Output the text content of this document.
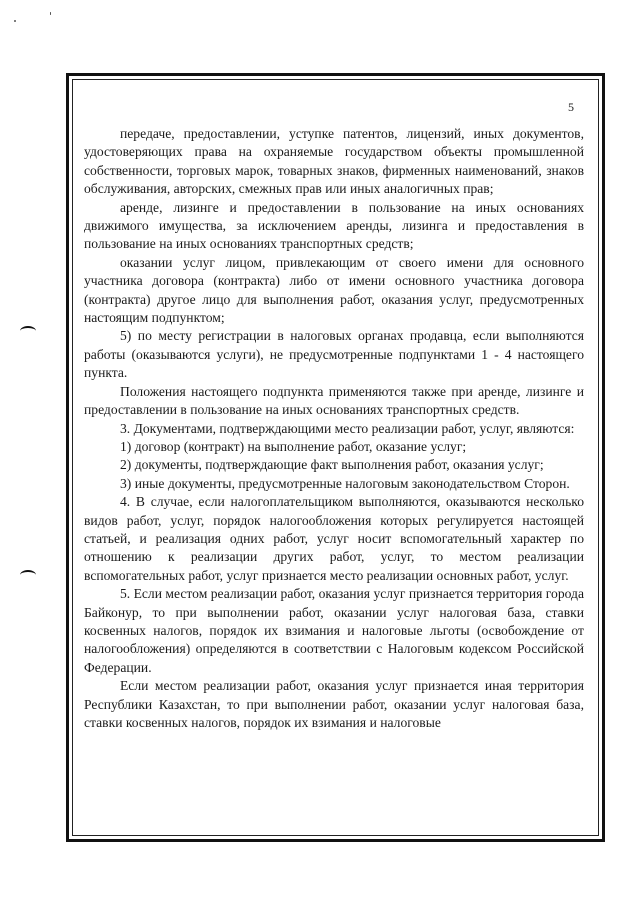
5

передаче, предоставлении, уступке патентов, лицензий, иных документов, удостоверяющих права на охраняемые государством объекты промышленной собственности, торговых марок, товарных знаков, фирменных наименований, знаков обслуживания, авторских, смежных прав или иных аналогичных прав;

аренде, лизинге и предоставлении в пользование на иных основаниях движимого имущества, за исключением аренды, лизинга и предоставления в пользование на иных основаниях транспортных средств;

оказании услуг лицом, привлекающим от своего имени для основного участника договора (контракта) либо от имени основного участника договора (контракта) другое лицо для выполнения работ, оказания услуг, предусмотренных настоящим подпунктом;

5) по месту регистрации в налоговых органах продавца, если выполняются работы (оказываются услуги), не предусмотренные подпунктами 1 - 4 настоящего пункта.

Положения настоящего подпункта применяются также при аренде, лизинге и предоставлении в пользование на иных основаниях транспортных средств.

3. Документами, подтверждающими место реализации работ, услуг, являются:

1) договор (контракт) на выполнение работ, оказание услуг;

2) документы, подтверждающие факт выполнения работ, оказания услуг;

3) иные документы, предусмотренные налоговым законодательством Сторон.

4. В случае, если налогоплательщиком выполняются, оказываются несколько видов работ, услуг, порядок налогообложения которых регулируется настоящей статьей, и реализация одних работ, услуг носит вспомогательный характер по отношению к реализации других работ, услуг, то местом реализации вспомогательных работ, услуг признается место реализации основных работ, услуг.

5. Если местом реализации работ, оказания услуг признается территория города Байконур, то при выполнении работ, оказании услуг налоговая база, ставки косвенных налогов, порядок их взимания и налоговые льготы (освобождение от налогообложения) определяются в соответствии с Налоговым кодексом Российской Федерации.

Если местом реализации работ, оказания услуг признается иная территория Республики Казахстан, то при выполнении работ, оказании услуг налоговая база, ставки косвенных налогов, порядок их взимания и налоговые
